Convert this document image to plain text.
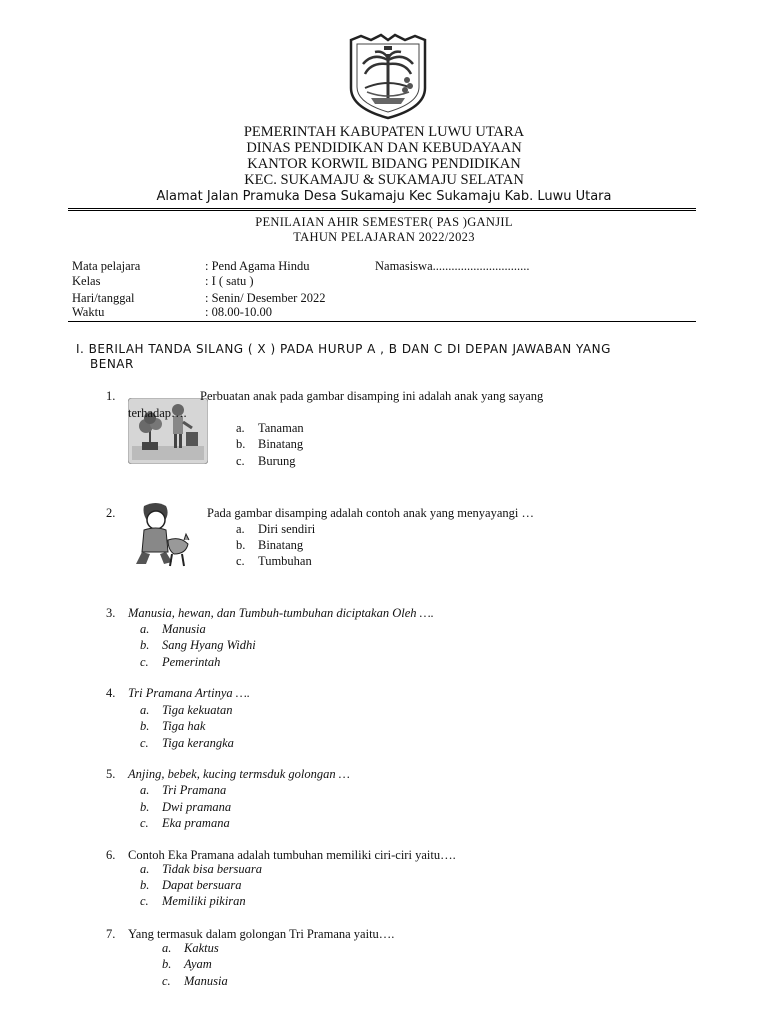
PEMERINTAH KABUPATEN LUWU UTARA
DINAS PENDIDIKAN DAN KEBUDAYAAN
KANTOR KORWIL BIDANG PENDIDIKAN
KEC. SUKAMAJU & SUKAMAJU SELATAN
Alamat Jalan Pramuka Desa Sukamaju Kec Sukamaju Kab. Luwu Utara
PENILAIAN AHIR SEMESTER( PAS )GANJIL
TAHUN PELAJARAN 2022/2023
Mata pelajara	: Pend Agama Hindu	Namasiswa...............................
Kelas	: I ( satu )
Hari/tanggal	: Senin/ Desember 2022
Waktu	: 08.00-10.00
I. BERILAH TANDA SILANG ( X ) PADA HURUP A , B DAN C DI DEPAN JAWABAN YANG
BENAR
1.	Perbuatan anak pada gambar disamping ini adalah anak yang sayang
terhadap….
a. Tanaman
b. Binatang
c. Burung
2.	Pada gambar disamping adalah contoh anak yang menyayangi …
a. Diri sendiri
b. Binatang
c. Tumbuhan
3. Manusia, hewan, dan Tumbuh-tumbuhan diciptakan Oleh ….
a. Manusia
b. Sang Hyang Widhi
c. Pemerintah
4. Tri Pramana Artinya ….
a. Tiga kekuatan
b. Tiga hak
c. Tiga kerangka
5. Anjing, bebek, kucing termsduk golongan …
a. Tri Pramana
b. Dwi pramana
c. Eka pramana
6. Contoh Eka Pramana adalah tumbuhan memiliki ciri-ciri yaitu….
a. Tidak bisa bersuara
b. Dapat bersuara
c. Memiliki pikiran
7. Yang termasuk dalam golongan Tri Pramana yaitu….
a. Kaktus
b. Ayam
c. Manusia
